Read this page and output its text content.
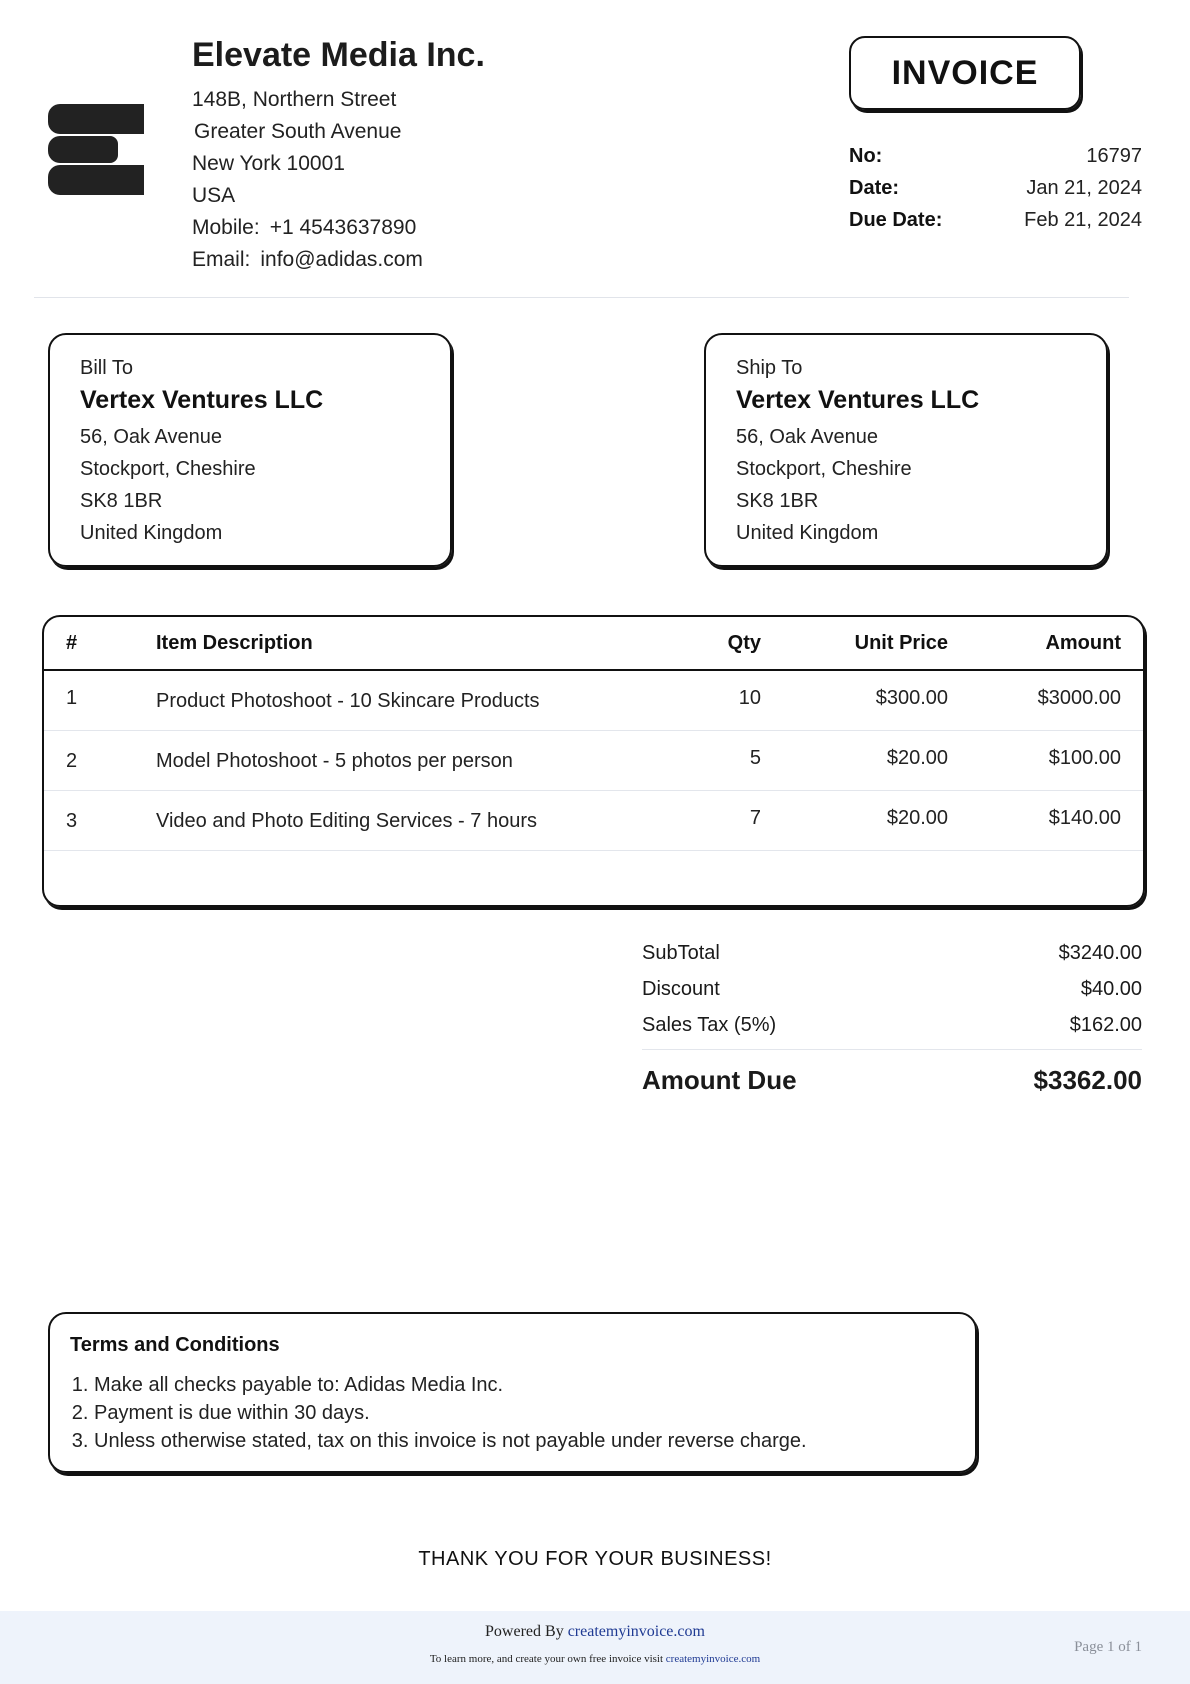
Elevate Media Inc.
148B, Northern Street
Greater South Avenue
New York 10001
USA
Mobile: +1 4543637890
Email: info@adidas.com
INVOICE
No:	16797
Date:	Jan 21, 2024
Due Date:	Feb 21, 2024
Bill To
Vertex Ventures LLC
56, Oak Avenue
Stockport, Cheshire
SK8 1BR
United Kingdom
Ship To
Vertex Ventures LLC
56, Oak Avenue
Stockport, Cheshire
SK8 1BR
United Kingdom
#	Item Description	Qty	Unit Price	Amount
1	Product Photoshoot - 10 Skincare Products	10	$300.00	$3000.00
2	Model Photoshoot - 5 photos per person	5	$20.00	$100.00
3	Video and Photo Editing Services - 7 hours	7	$20.00	$140.00
SubTotal	$3240.00
Discount	$40.00
Sales Tax (5%)	$162.00
Amount Due	$3362.00
Terms and Conditions
1. Make all checks payable to: Adidas Media Inc.
2. Payment is due within 30 days.
3. Unless otherwise stated, tax on this invoice is not payable under reverse charge.
THANK YOU FOR YOUR BUSINESS!
Powered By createmyinvoice.com
To learn more, and create your own free invoice visit createmyinvoice.com
Page 1 of 1
